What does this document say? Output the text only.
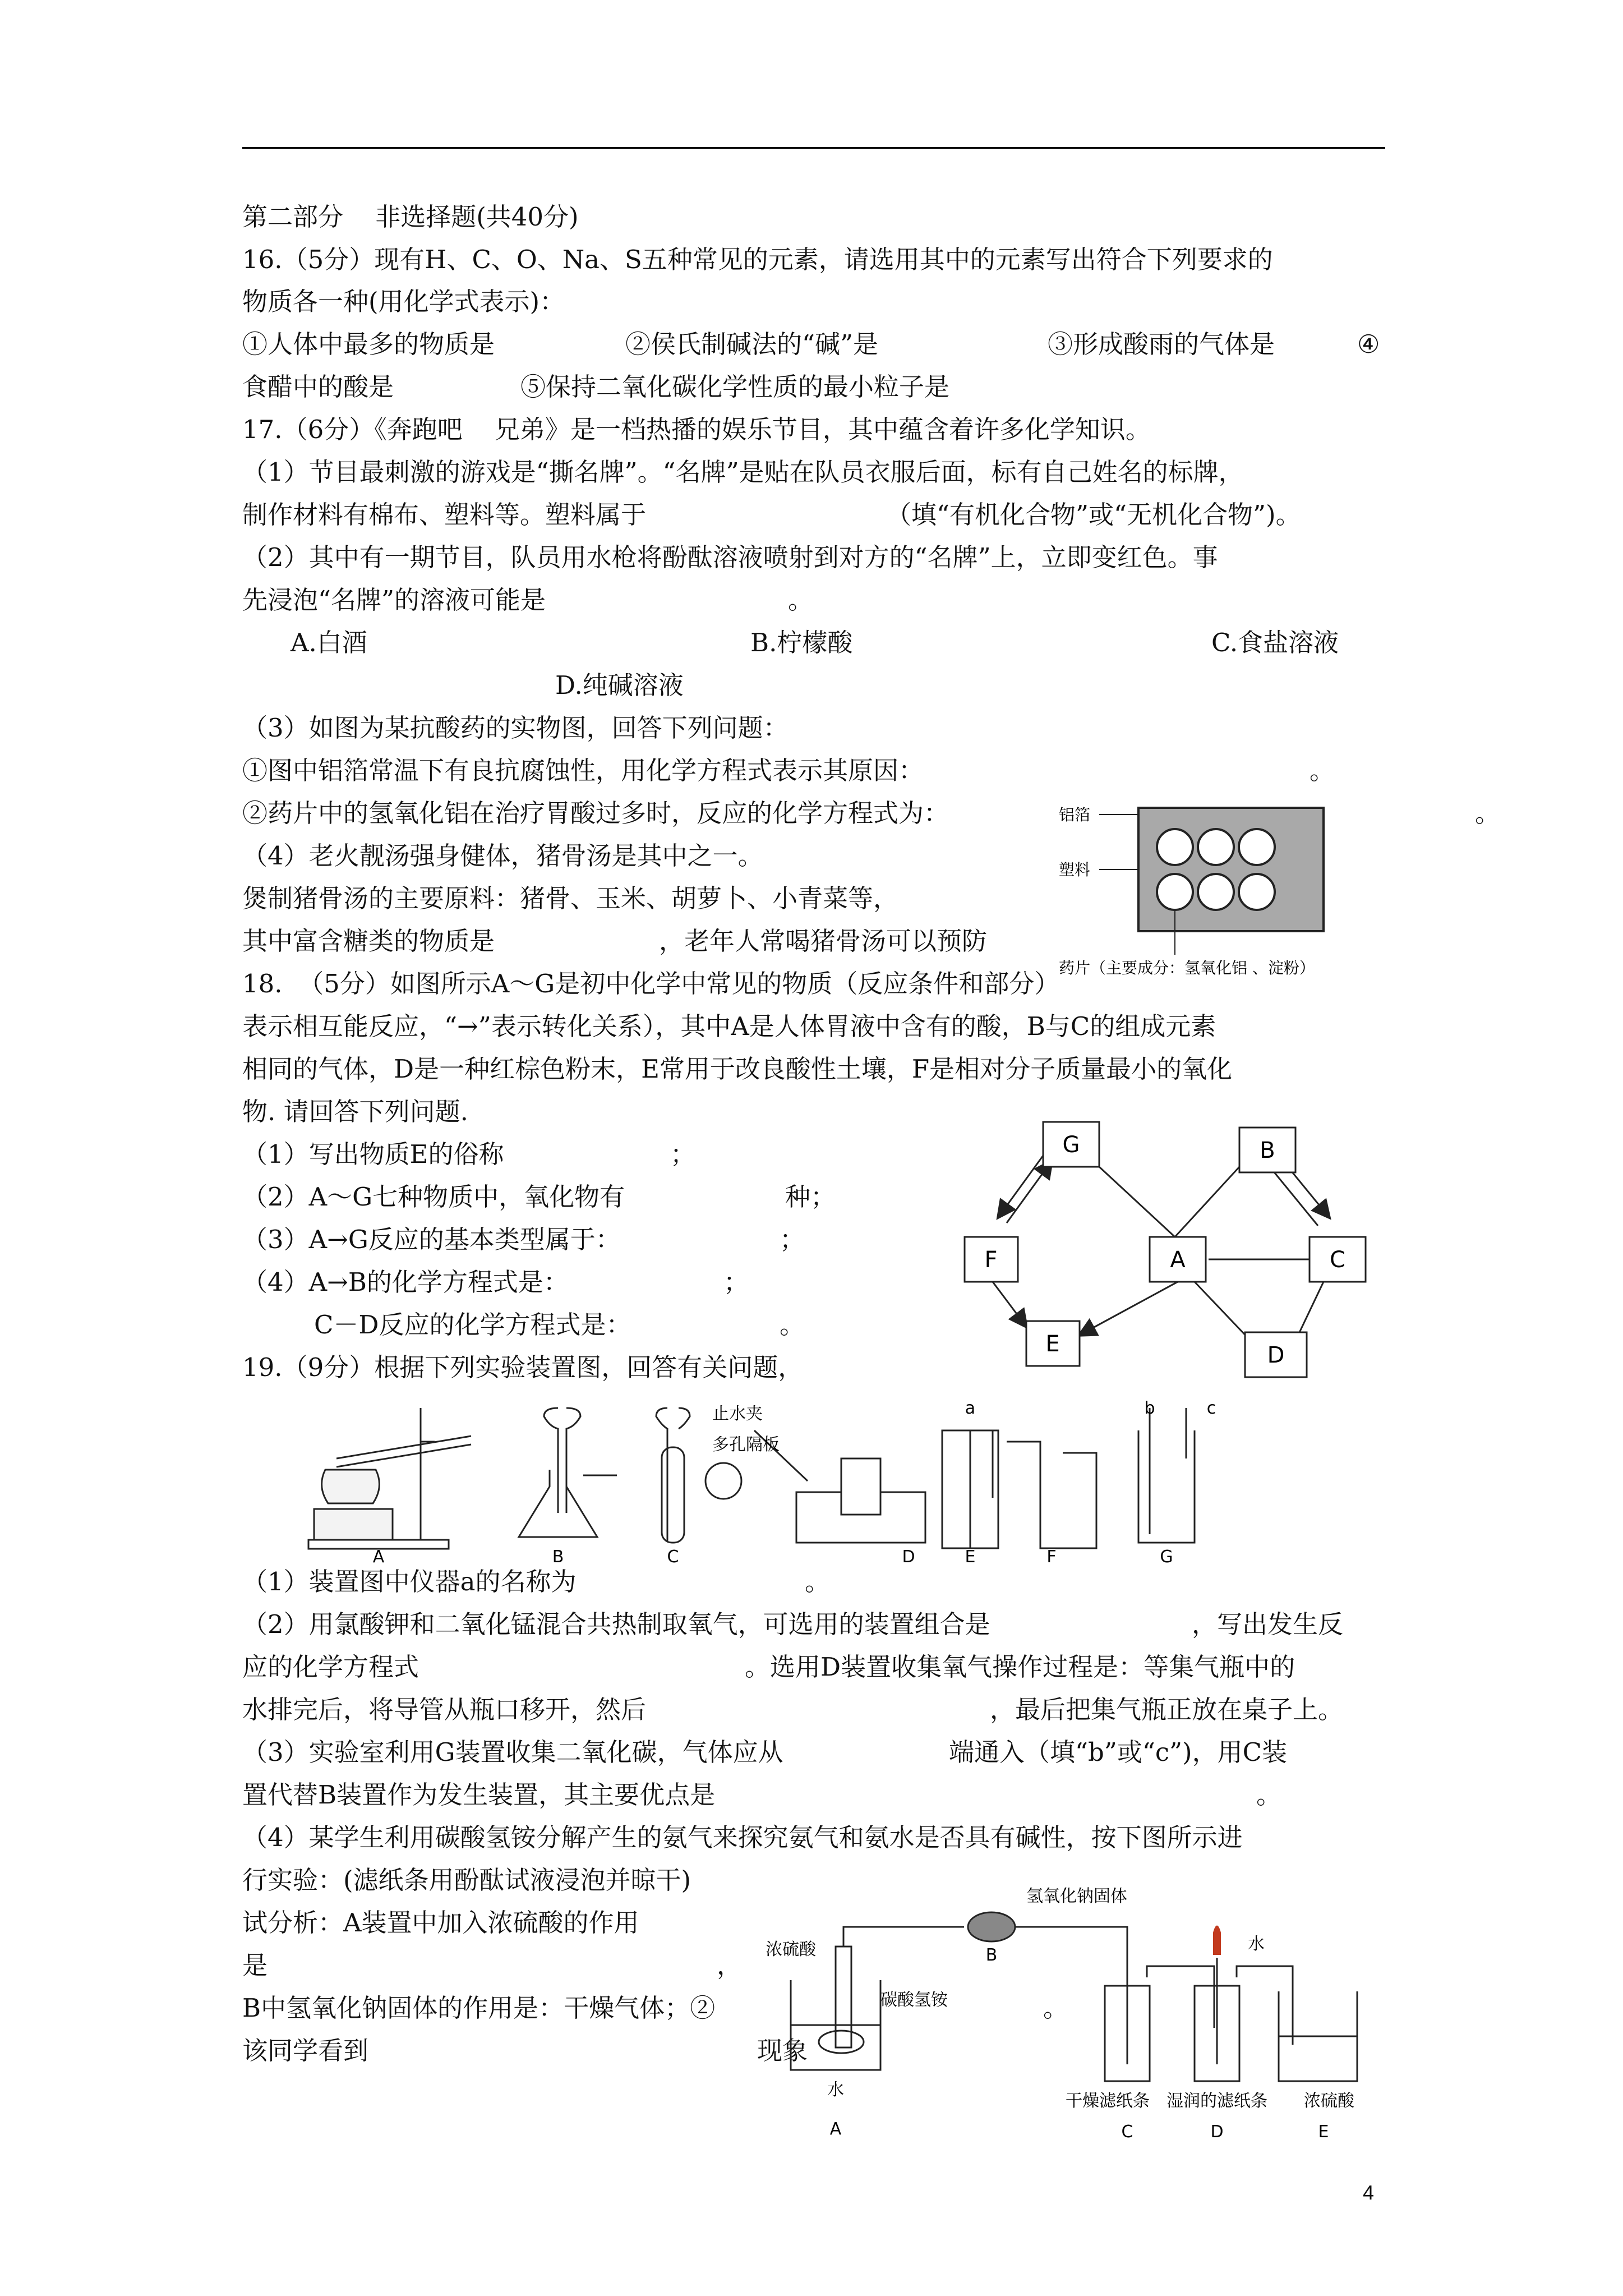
第二部分    非选择题(共40分)
16.（5分）现有H、C、O、Na、S五种常见的元素，请选用其中的元素写出符合下列要求的
物质各一种(用化学式表示)：
①人体中最多的物质是	②侯氏制碱法的“碱”是	③形成酸雨的气体是	④
食醋中的酸是	⑤保持二氧化碳化学性质的最小粒子是
17.（6分）《奔跑吧    兄弟》是一档热播的娱乐节目，其中蕴含着许多化学知识。
（1）节目最刺激的游戏是“撕名牌”。“名牌”是贴在队员衣服后面，标有自己姓名的标牌，
制作材料有棉布、塑料等。塑料属于	（填“有机化合物”或“无机化合物”)。
（2）其中有一期节目，队员用水枪将酚酞溶液喷射到对方的“名牌”上，立即变红色。事
先浸泡“名牌”的溶液可能是	。
A.白酒	B.柠檬酸	C.食盐溶液
D.纯碱溶液
（3）如图为某抗酸药的实物图，回答下列问题：
①图中铝箔常温下有良抗腐蚀性，用化学方程式表示其原因：	。
②药片中的氢氧化铝在治疗胃酸过多时，反应的化学方程式为：	。
（4）老火靓汤强身健体，猪骨汤是其中之一。
煲制猪骨汤的主要原料：猪骨、玉米、胡萝卜、小青菜等，
其中富含糖类的物质是	，老年人常喝猪骨汤可以预防
铝箔
塑料
药片（主要成分：氢氧化铝 、淀粉）
18.  （5分）如图所示A～G是初中化学中常见的物质（反应条件和部分）
表示相互能反应，“→”表示转化关系），其中A是人体胃液中含有的酸，B与C的组成元素
相同的气体，D是一种红棕色粉末，E常用于改良酸性土壤，F是相对分子质量最小的氧化
物. 请回答下列问题.
（1）写出物质E的俗称	；
（2）A～G七种物质中，氧化物有	种；
（3）A→G反应的基本类型属于：	；
（4）A→B的化学方程式是：	；
C－D反应的化学方程式是：	。
G	B
F	A	C
E	D
19.（9分）根据下列实验装置图，回答有关问题，
A	B	C	D	E	F	G
a	b	c
止水夹
多孔隔板
（1）装置图中仪器a的名称为	。
（2）用氯酸钾和二氧化锰混合共热制取氧气，可选用的装置组合是	，写出发生反
应的化学方程式	。选用D装置收集氧气操作过程是：等集气瓶中的
水排完后，将导管从瓶口移开，然后	，最后把集气瓶正放在桌子上。
（3）实验室利用G装置收集二氧化碳，气体应从	端通入（填“b”或“c”)，用C装
置代替B装置作为发生装置，其主要优点是	。
（4）某学生利用碳酸氢铵分解产生的氨气来探究氨气和氨水是否具有碱性，按下图所示进
行实验：(滤纸条用酚酞试液浸泡并晾干)
试分析：A装置中加入浓硫酸的作用
是	，
B中氢氧化钠固体的作用是：干燥气体；②	。
该同学看到	现象
氢氧化钠固体
浓硫酸
碳酸氢铵
水
水
干燥滤纸条 湿润的滤纸条 浓硫酸
A
B
C	D	E
4
